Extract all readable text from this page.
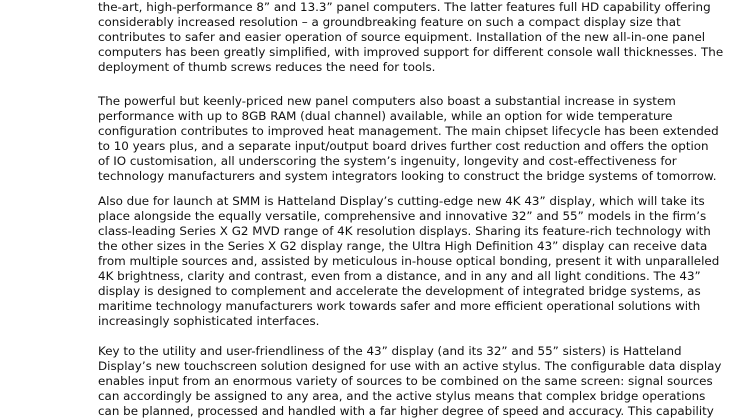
the-art, high-performance 8” and 13.3” panel computers. The latter features full HD capability offering
considerably increased resolution – a groundbreaking feature on such a compact display size that
contributes to safer and easier operation of source equipment. Installation of the new all-in-one panel
computers has been greatly simplified, with improved support for different console wall thicknesses. The
deployment of thumb screws reduces the need for tools.
The powerful but keenly-priced new panel computers also boast a substantial increase in system
performance with up to 8GB RAM (dual channel) available, while an option for wide temperature
configuration contributes to improved heat management. The main chipset lifecycle has been extended
to 10 years plus, and a separate input/output board drives further cost reduction and offers the option
of IO customisation, all underscoring the system’s ingenuity, longevity and cost-effectiveness for
technology manufacturers and system integrators looking to construct the bridge systems of tomorrow.
Also due for launch at SMM is Hatteland Display’s cutting-edge new 4K 43” display, which will take its
place alongside the equally versatile, comprehensive and innovative 32” and 55” models in the firm’s
class-leading Series X G2 MVD range of 4K resolution displays. Sharing its feature-rich technology with
the other sizes in the Series X G2 display range, the Ultra High Definition 43” display can receive data
from multiple sources and, assisted by meticulous in-house optical bonding, present it with unparalleled
4K brightness, clarity and contrast, even from a distance, and in any and all light conditions. The 43”
display is designed to complement and accelerate the development of integrated bridge systems, as
maritime technology manufacturers work towards safer and more efficient operational solutions with
increasingly sophisticated interfaces.
Key to the utility and user-friendliness of the 43” display (and its 32” and 55” sisters) is Hatteland
Display’s new touchscreen solution designed for use with an active stylus. The configurable data display
enables input from an enormous variety of sources to be combined on the same screen: signal sources
can accordingly be assigned to any area, and the active stylus means that complex bridge operations
can be planned, processed and handled with a far higher degree of speed and accuracy. This capability
